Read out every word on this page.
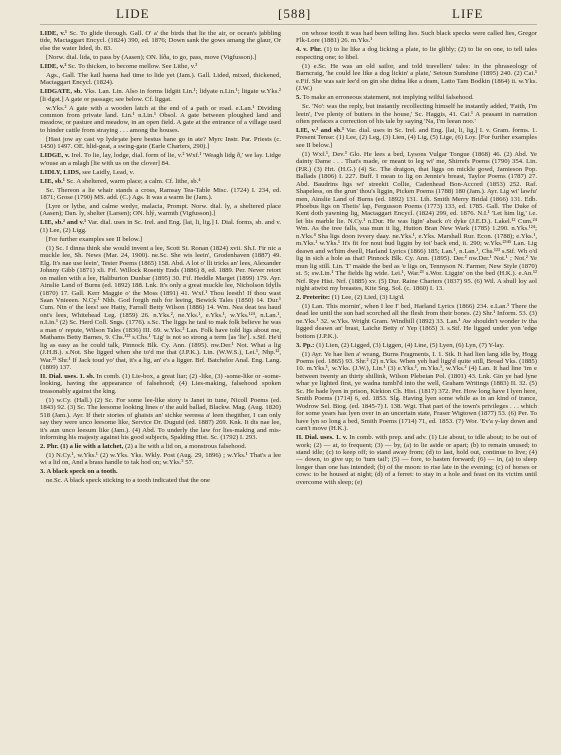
LIDE	[588]	LIFE

LIDE, v.¹ Sc. To glide through. Gall. O' a' the birds that lie the air, or ocean's jabbling tide, Mactaggart Encycl. (1824) 390, ed. 1876; Down sank the gows amang the glaur, Or else the water lided, ib. 83.

[Norw. dial. lida, to pass by (Aasen); ON. líða, to go, pass, move (Vigfusson).]

LIDE, v.² Sc. To thicken, to become mellow. See Lithe, v.³

Ags., Gall. The kail haena had time to lide yet (Jam.). Gall. Lided, mixed, thickened, Mactaggart Encycl. (1824).

LIDGATE, sb. Yks. Lan. Lin. Also in forms lidgitt Lin.¹; lidyate n.Lin.¹; litgate w.Yks.² [li·dgət.] A gate or passage; see below. Cf. liggat.

w.Yks.² A gate with a wooden latch at the end of a path or road. e.Lan.¹ Dividing common from private land. Lin.¹ n.Lin.¹ Obsol. A gate between ploughed land and meadow, or pasture and meadow, in an open field. A gate at the entrance of a village used to hinder cattle from straying . . . among the houses.

[Hast jow ay cast vp lydeȝate þere bestus hane go in ate? Myrc Instr. Par. Priests (c. 1450) 1497. OE. hlid-geat, a swing-gate (Earle Charters, 290).]

LIDGE, v. Irel. To lie, lay, lodge, dial. form of lie, v.² Wxf.¹ 'Weagh lidg ð,' we lay. Lidge w'ouse an a mlagh [lie with us on the clover] 84.

LIDLY, LIDS, see Laidly, Lead, v.

LIE, sb.¹ Sc. A sheltered, warm place; a calm. Cf. lithe, sb.⁴

Sc. Thereon a lie whair stands a cross, Ramsay Tea-Table Misc. (1724) I. 234, ed. 1871; Grose (1790) MS. add. (C.) Ags. It was a warm lie (Jam.).

[Lyre or lythe, and calme wedyr, malacia, Prompt. Norw. dial. ly, a sheltered place (Aasen); Dan. ly, shelter (Larsen); ON. hlý, warmth (Vigfusson).]

LIE, sb.² and v.¹ Var. dial. uses in Sc. Irel. and Eng. [lai, li, lig.] I. Dial. forms, sb. and v. (1) Lee, (2) Ligg.

[For further examples see II below.]

(1) Sc. I dinna think she would invent a lee, Scott St. Ronan (1824) xvii. Sh.I. Fir nic a muckle lee, Sh. News (Mar. 24, 1900). ne.Sc. She wis leein', Grodenhaven (1887) 49. Elg. It's nae use leein', Tester Poems (1865) 158. Abd. A lot o' lli tricks an' lees, Alexander Johnny Gibb (1871) xli. Frf. Willock Rosetty Ends (1886) 8, ed. 1889. Per. Never retort on mailen with a lee, Haliburton Dunbar (1895) 30. Fif. Heddle Marget (1899) 179. Ayr. Ainslie Land of Burns (ed. 1892) 188. Lnk. It's only a great muckle lee, Nicholson Idylls (1870) 17. Gall. Kerr Maggie o' the Moss (1891) 41. Wxf.¹ Thou leesth! If thou wast Saan Vnieeen. N.Cy.¹ Nhb. God forgih mih for leeing, Bewick Tales (1850) 14. Dur.¹ Cum. Nin o' the lees! see Hatty, Farrall Betty Wilson (1886) 14. Wm. Nea deat tea haud ont's lees, Whitehead Leg. (1859) 26. n.Yks.², ne.Yks.¹, e.Yks.¹, w.Yks.¹²⁴, n.Lan.¹, n.Lin.¹ (2) Sc. Herd Coll. Sngs. (1776). s.Sc. The liggs he taul to mak folk believe he was a man o' repute, Wilson Tales (1836) III. 69. w.Yks.³ Lan. Folk have told ligs about me, Mathams Betty Barnes, 9. Chs.¹²³ s.Chs.¹ 'Lig' is not so strong a term [as 'lie']. s.Stf. He'd lig as easy as he could talk, Pinnock Blk. Cy. Ann. (1895). nw.Der.¹ Not. What a lig (J.H.B.). s.Not. She ligged when she to'd me that (J.P.K.). Lin. (W.W.S.), Lei.¹, Nhp.¹², War.²³ Shr.¹ If Jack toud yo' that, it's a lig, an' e's a ligger. Brf. Batchelor Anal. Eng. Lang. (1809) 137.

II. Dial. uses. 1. sb. In comb. (1) Lie-box, a great liar; (2) -like, (3) -some-like or -some-looking, having the appearance of falsehood; (4) Lies-making, falsehood spoken treasonably against the king.

(1) w.Cy. (Hall.) (2) Sc. For some lee-like story is Janet in tune, Nicoll Poems (ed. 1843) 92. (3) Sc. The leesome looking lines o' the auld ballad, Blackw. Mag. (Aug. 1820) 518 (Jam.). Ayr. If their stories of ghaists an' sichke wereна a' leen thegither, I can only say they were unco leesome like, Service Dr. Duguid (ed. 1887) 269. Knk. It dis nae lee, it's aun unco leesum like (Jam.). (4) Abd. To underly the law for lies-making and mis-informing his majesty against his good subjects, Spalding Hist. Sc. (1792) I. 293.

2. Phr. (1) a lie with a latchet, (2) a lie with a lid on, a monstrous falsehood.

(1) N.Cy.¹, w.Yks.¹ (2) w.Yks. Yks. Wkly. Post (Aug. 29, 1896) ; w.Yks.¹ That's a lee wi a lid on, And a brass handle to tak hod on; w.Yks.⁵ 57.

3. A black speck on a tooth.

ne.Sc. A black speck sticking to a tooth indicated that the one

on whose tooth it was had been telling lies. Such black specks were called lies, Gregor Flk-Lore (1881) 26. m.Yks.¹

4. v. Phr. (1) to lie like a dog licking a plate, to lie glibly; (2) to lie on one, to tell tales respecting one; to libel.

(1) e.Sc. He was an old sailor, and told travellers' tales: in the phraseology of Barncraig, 'he could lee like a dog lickin' a plate,' Setoun Sunshine (1895) 240. (2) Cai.¹ e.Fif. She was sair lee'd on gin she didna like a dram, Latto Tam Bodkin (1864) ii. w.Yks. (J.W.)

5. To make an erroneous statement, not implying wilful falsehood.

Sc. 'No': was the reply, but instantly recollecting himself he instantly added, 'Faith, I'm leein', I've plenty of butters in the house,' Sc. Haggis, 41. Cai.¹ A peasant in narration often prefaces a correction of his tale by saying 'Na, I'm leean noo.'

LIE, v.² and sb.³ Var. dial. uses in Sc. Irel. and Eng. [lai, li, lig.] I. v. Gram. forms. 1. Present Tense: (1) Lee, (2) Leg, (3) Lien, (4) Lig, (5) Lige, (6) Loy. [For further examples see II below.]

(1) Wxf.¹, Dev.³ Glo. He lees a bed, Lysons Vulgar Tongue (1868) 46. (2) Abd. Ye dainty Dame . . . That's made, or meant to leg wi' me, Shirrefs Poems (1790) 354. Lin. (P.R.) (3) Hrt. (H.G.) (4) Sc. The draigon, that liggs on mickle gowd, Jamieson Pop. Ballads (1806) I. 227. Buff. I mean to lig on Jennie's breast, Taylor Poems (1787) 27. Abd. Baudrins ligs wi' streekit Collie, Cadenhead Bon-Accord (1853) 252. Raf. Shapeless, on the grun' thou's liggin, Picken Poems (1788) 180 (Jam.). Ayr. Lig wi' lawfu' men, Ainslie Land of Burns (ed. 1892) 131. Lth. Smith Merry Bridal (1866) 131. Edb. Phoebus ligs on Thetis' lap, Fergusson Poems (1773) 133, ed. 1785. Gall. The Duke of Kent doth yawning lig, Mactaggart Encycl. (1824) 299, ed. 1876. N.I.¹ 'Let him lig,' i.e. let his marble lie. N.Cy.¹ n.Dur. He was ligin' aback o't dyke (J.E.D.). Lakel.¹² Cum.²⁴ Wm. As the tree falls, sua mun it lig, Hutton Bran New Wark (1785) 1.290. n.Yks.¹²⁴; n.Yks.⁴ Sha ligs doon ivvery daay. ne.Yks.¹, e.Yks. Marshall Rur. Econ. (1788); e.Yks.¹, m.Yks.¹ w.Yks.¹ It's fit for nout bud liggin by tot' back end, ii. 290; w.Yks.²³⁴⁵ Lan. Lig deawn and wi'him dwell, Harland Lyrics (1866) 185; Lan.¹, n.Lan.¹, Chs.¹²³ s.Stf. Wh o'd lig in sich a hole as that! Pinnock Blk. Cy. Ann. (1895). Der.² nw.Der.¹ Not.¹ ; Not.² Ye mun lig still. Lin. T' maäde the bed as 'e ligs on, Tennyson N. Farmer, New Style (1870) st. 5; sw.Lin.¹ The fields lig wide. Lei.¹, War.²³ s.Wor. Liggin' on the bed (H.K.). e.An.¹² Nrf. Rye Hist. Nrf. (1885) xv. (5) Dur. Raine Charters (1837) 95. (6) Wil. A shull loy aol night atwixt my breastes, Kite Sng. Sol. (c. 1860) I. 13.

2. Preterite: (1) Lee, (2) Lied, (3) Lig'd.

(1) Lan. This mornin', when I lee I' bed, Harland Lyrics (1866) 234. e.Lan.¹ There the dead lee until the sun had scorched all the flesh from their bones. (2) Shr.¹ Inform. 53. (3) ne.Yks.¹ 32. w.Yks. Wright Gram. Windhill (1892) 33. Lan.¹ Aw shouldn't wonder iv tha ligged deawn an' brast, Laiche Betty o' Yep (1865) 3. s.Stf. He ligged under yon 'edge bottom (J.P.K.).

3. Pp.: (1) Lien, (2) Ligged, (3) Liggen, (4) Line, (5) Lyen, (6) Lyn, (7) Y-lay.

(1) Ayr. Ye hae lien a' wrang, Burns Fragments, I. 1. Stk. It had lien lang idle by, Hogg Poems (ed. 1865) 93. Shr.² (2) n.Yks. When yeh had ligg'd quite still, Broad Yks. (1885) 10. m.Yks.¹, w.Yks. (J.W.), Lin.¹ (3) e.Yks.¹, m.Yks.¹, w.Yks.² (4) Lan. It had line 'im e between twenty an thirty shillink, Wilson Plebeian Pol. (1801) 43. Lnk. Gin ye had lyne whar ye lighted first, ye wadna tumbl'd into the well, Graham Writings (1883) II. 32. (5) Sc. He hade lyen in prison, Kirkton Ch. Hist. (1817) 372. Per. How long have I lyen here, Smith Poems (1714) 6, ed. 1853. Slg. Having lyen some while as in an kind of trance, Wodrow Sel. Biog. (ed. 1845-7) I. 138. Wgt. That part of the town's privileges . . . which for some years has lyen over in an uncertain state, Fraser Wigtown (1877) 53. (6) Per. To have lyn so long a bed, Smith Poems (1714) 71, ed. 1853. (7) Wor. 'Ev'a y-lay down and carn't move (H.K.).

II. Dial. uses. 1. v. In comb. with prep. and adv. (1) Lie about, to idle about; to be out of work; (2) — at, to frequent; (3) — by, (a) to lie aside or apart; (b) to remain unused; to stand idle; (c) to keep off; to stand away from; (d) to last, hold out, continue to live; (4) — down, to give up; to 'turn tail'; (5) — fore, to hasten forward; (6) — in, (a) to sleep longer than one has intended; (b) of the moon: to rise late in the evening; (c) of horses or cows: to be housed at night; (d) of a ferret: to stay in a hole and feast on its victim until overcome with sleep; (e)
